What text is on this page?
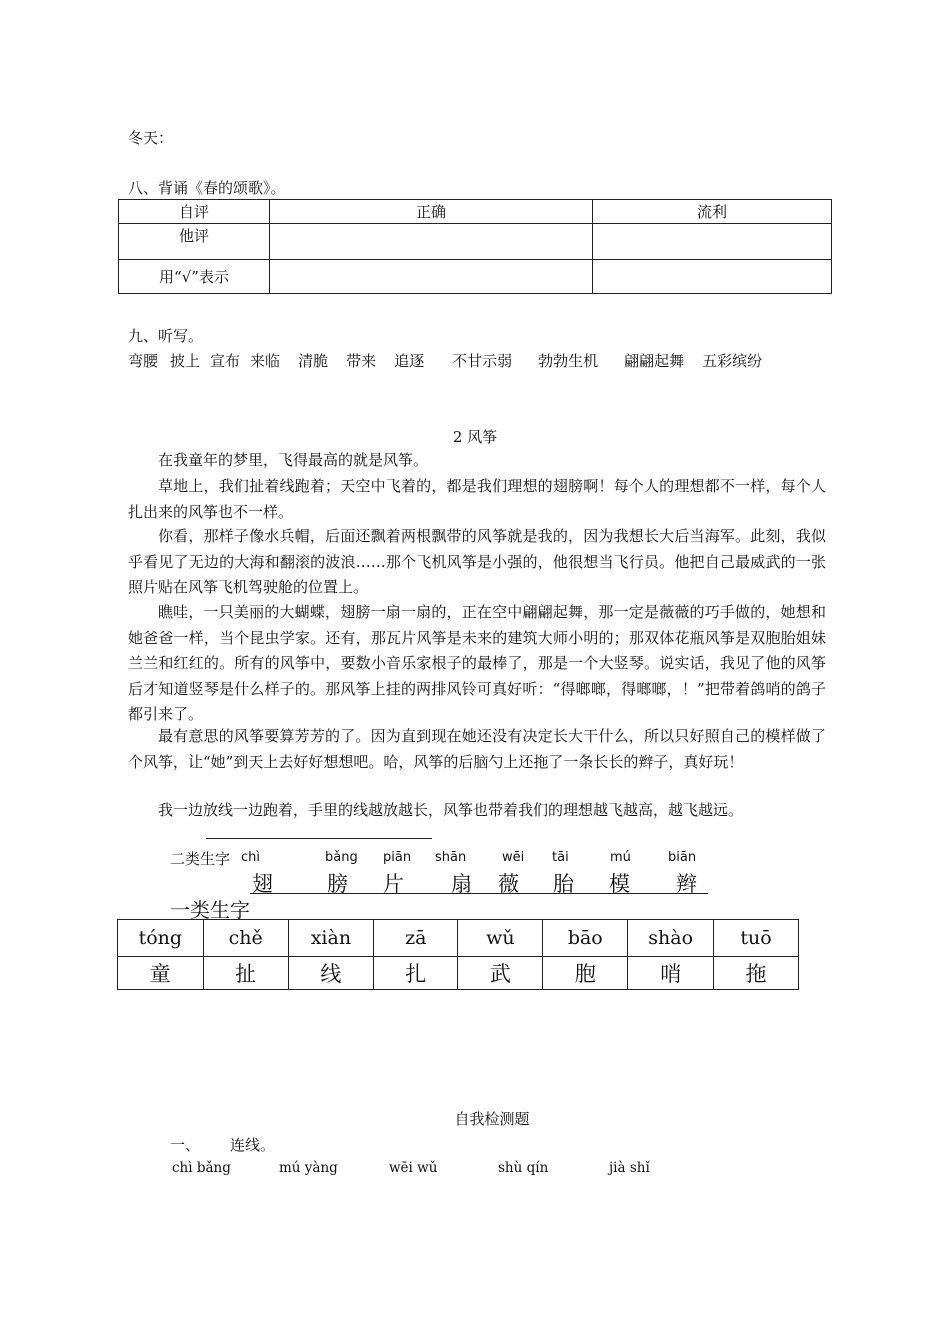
冬天：
八、背诵《春的颂歌》。
自评	正确	流利
他评		
用“√”表示		
九、听写。
弯腰 披上 宣布 来临 清脆 带来 追逐 不甘示弱 勃勃生机 翩翩起舞 五彩缤纷
2 风筝
在我童年的梦里，飞得最高的就是风筝。
草地上，我们扯着线跑着；天空中飞着的，都是我们理想的翅膀啊！每个人的理想都不一样，每个人扎出来的风筝也不一样。
你看，那样子像水兵帽，后面还飘着两根飘带的风筝就是我的，因为我想长大后当海军。此刻，我似乎看见了无边的大海和翻滚的波浪……那个飞机风筝是小强的，他很想当飞行员。他把自己最威武的一张照片贴在风筝飞机驾驶舱的位置上。
瞧哇，一只美丽的大蝴蝶，翅膀一扇一扇的，正在空中翩翩起舞，那一定是薇薇的巧手做的，她想和她爸爸一样，当个昆虫学家。还有，那瓦片风筝是未来的建筑大师小明的；那双体花瓶风筝是双胞胎姐妹兰兰和红红的。所有的风筝中，要数小音乐家根子的最棒了，那是一个大竖琴。说实话，我见了他的风筝后才知道竖琴是什么样子的。那风筝上挂的两排风铃可真好听：“得啷啷，得啷啷，！”把带着鸽哨的鸽子都引来了。
最有意思的风筝要算芳芳的了。因为直到现在她还没有决定长大干什么，所以只好照自己的模样做了个风筝，让“她”到天上去好好想想吧。哈，风筝的后脑勺上还拖了一条长长的辫子，真好玩！
我一边放线一边跑着，手里的线越放越长，风筝也带着我们的理想越飞越高，越飞越远。
二类生字 chì	bǎng piān shān	wēi tāi	mú	biān
翅	膀 片 扇 薇 胎 模 辫
一类生字
tóng	chě	xiàn	zā	wǔ	bāo	shào	tuō
童	扯	线	扎	武	胞	哨	拖
自我检测题
一、 连线。
chì bǎng	mú yàng	wēi wǔ	shù qín	jià shǐ
